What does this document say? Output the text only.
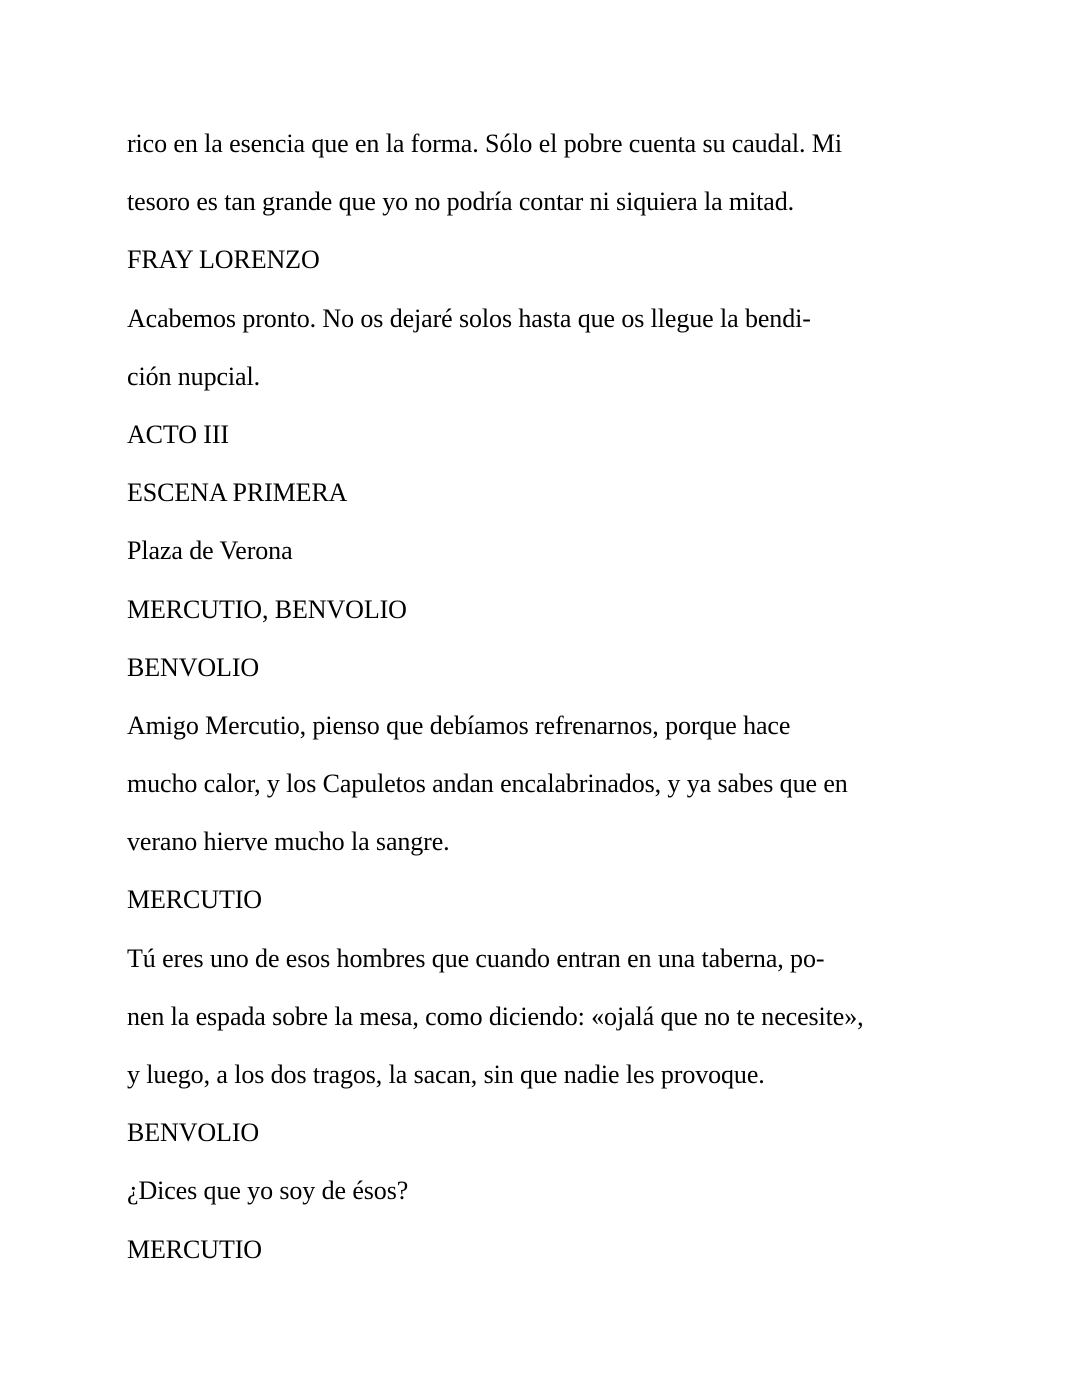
rico en la esencia que en la forma. Sólo el pobre cuenta su caudal. Mi
tesoro es tan grande que yo no podría contar ni siquiera la mitad.
FRAY LORENZO
Acabemos pronto. No os dejaré solos hasta que os llegue la bendi-
ción nupcial.
ACTO III
ESCENA PRIMERA
Plaza de Verona
MERCUTIO, BENVOLIO
BENVOLIO
Amigo Mercutio, pienso que debíamos refrenarnos, porque hace
mucho calor, y los Capuletos andan encalabrinados, y ya sabes que en
verano hierve mucho la sangre.
MERCUTIO
Tú eres uno de esos hombres que cuando entran en una taberna, po-
nen la espada sobre la mesa, como diciendo: «ojalá que no te necesite»,
y luego, a los dos tragos, la sacan, sin que nadie les provoque.
BENVOLIO
¿Dices que yo soy de ésos?
MERCUTIO
